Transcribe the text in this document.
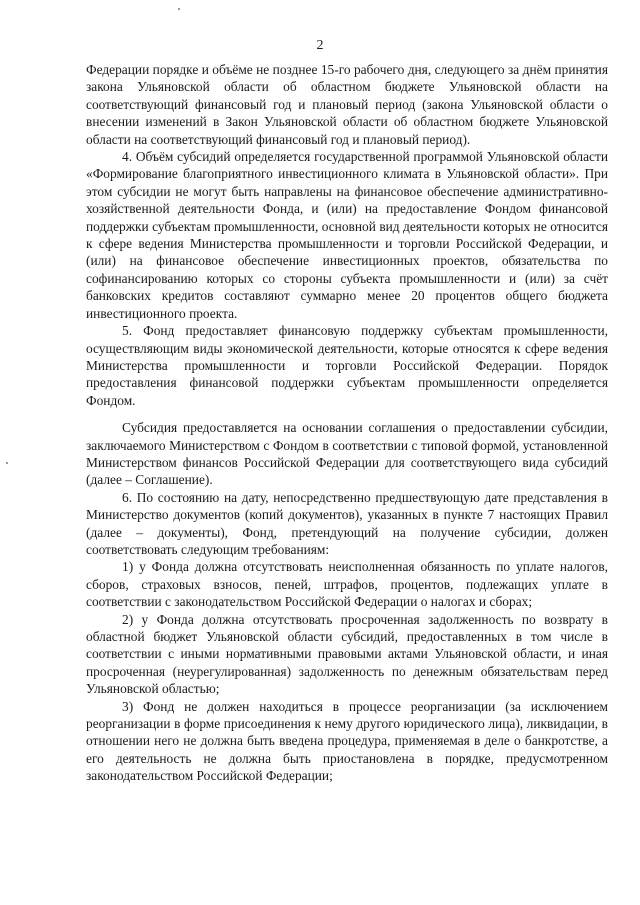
2

Федерации порядке и объёме не позднее 15-го рабочего дня, следующего за днём принятия закона Ульяновской области об областном бюджете Ульяновской области на соответствующий финансовый год и плановый период (закона Ульяновской области о внесении изменений в Закон Ульяновской области об областном бюджете Ульяновской области на соответствующий финансовый год и плановый период).

4. Объём субсидий определяется государственной программой Ульяновской области «Формирование благоприятного инвестиционного климата в Ульяновской области». При этом субсидии не могут быть направлены на финансовое обеспечение административно-хозяйственной деятельности Фонда, и (или) на предоставление Фондом финансовой поддержки субъектам промышленности, основной вид деятельности которых не относится к сфере ведения Министерства промышленности и торговли Российской Федерации, и (или) на финансовое обеспечение инвестиционных проектов, обязательства по софинансированию которых со стороны субъекта промышленности и (или) за счёт банковских кредитов составляют суммарно менее 20 процентов общего бюджета инвестиционного проекта.

5. Фонд предоставляет финансовую поддержку субъектам промышленности, осуществляющим виды экономической деятельности, которые относятся к сфере ведения Министерства промышленности и торговли Российской Федерации. Порядок предоставления финансовой поддержки субъектам промышленности определяется Фондом.

Субсидия предоставляется на основании соглашения о предоставлении субсидии, заключаемого Министерством с Фондом в соответствии с типовой формой, установленной Министерством финансов Российской Федерации для соответствующего вида субсидий (далее – Соглашение).

6. По состоянию на дату, непосредственно предшествующую дате представления в Министерство документов (копий документов), указанных в пункте 7 настоящих Правил (далее – документы), Фонд, претендующий на получение субсидии, должен соответствовать следующим требованиям:

1) у Фонда должна отсутствовать неисполненная обязанность по уплате налогов, сборов, страховых взносов, пеней, штрафов, процентов, подлежащих уплате в соответствии с законодательством Российской Федерации о налогах и сборах;

2) у Фонда должна отсутствовать просроченная задолженность по возврату в областной бюджет Ульяновской области субсидий, предоставленных в том числе в соответствии с иными нормативными правовыми актами Ульяновской области, и иная просроченная (неурегулированная) задолженность по денежным обязательствам перед Ульяновской областью;

3) Фонд не должен находиться в процессе реорганизации (за исключением реорганизации в форме присоединения к нему другого юридического лица), ликвидации, в отношении него не должна быть введена процедура, применяемая в деле о банкротстве, а его деятельность не должна быть приостановлена в порядке, предусмотренном законодательством Российской Федерации;
